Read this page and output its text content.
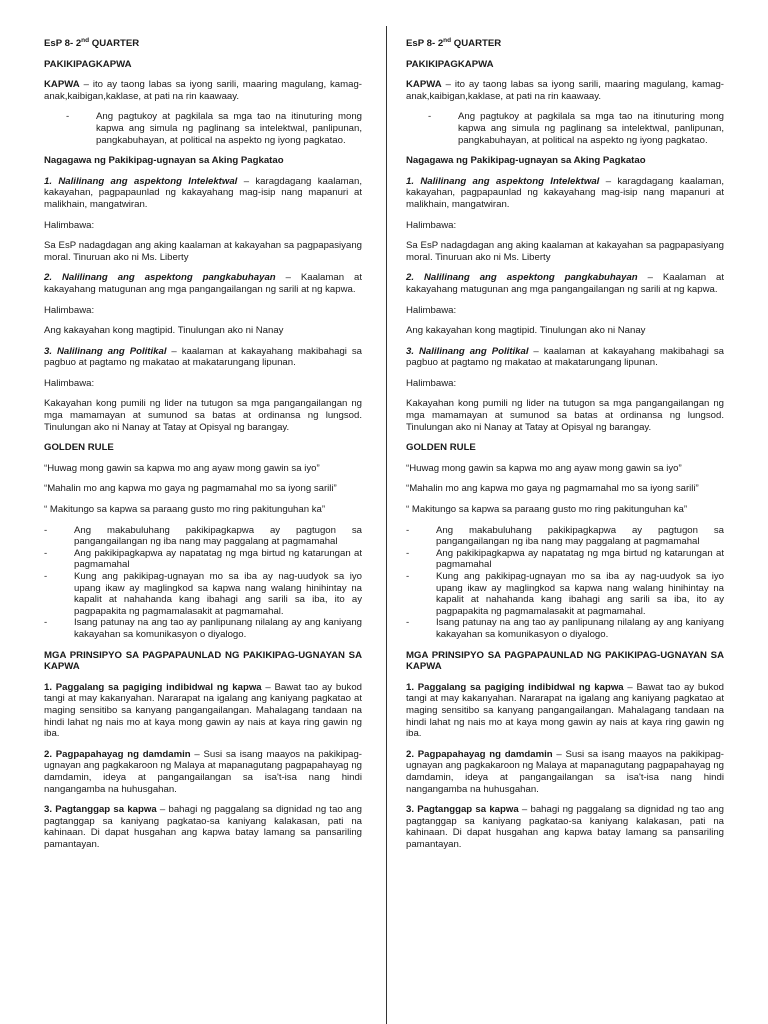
EsP 8- 2nd QUARTER
PAKIKIPAGKAPWA

KAPWA – ito ay taong labas sa iyong sarili, maaring magulang, kamag-anak,kaibigan,kaklase, at pati na rin kaawaay.

- Ang pagtukoy at pagkilala sa mga tao na itinuturing mong kapwa ang simula ng paglinang sa intelektwal, panlipunan, pangkabuhayan, at political na aspekto ng iyong pagkatao.
Nagagawa ng Pakikipag-ugnayan sa Aking Pagkatao

1. Nalilinang ang aspektong Intelektwal – karagdagang kaalaman, kakayahan, pagpapaunlad ng kakayahang mag-isip nang mapanuri at malikhain, mangatwiran.

Halimbawa:

Sa EsP nadagdagan ang aking kaalaman at kakayahan sa pagpapasiyang moral. Tinuruan ako ni Ms. Liberty

2. Nalilinang ang aspektong pangkabuhayan – Kaalaman at kakayahang matugunan ang mga pangangailangan ng sarili at ng kapwa.

Halimbawa:

Ang kakayahan kong magtipid. Tinulungan ako ni Nanay

3. Nalilinang ang Politikal – kaalaman at kakayahang makibahagi sa pagbuo at pagtamo ng makatao at makatarungang lipunan.

Halimbawa:

Kakayahan kong pumili ng lider na tutugon sa mga pangangailangan ng mga mamamayan at sumunod sa batas at ordinansa ng lungsod. Tinulungan ako ni Nanay at Tatay at Opisyal ng barangay.

GOLDEN RULE

“Huwag mong gawin sa kapwa mo ang ayaw mong gawin sa iyo”

“Mahalin mo ang kapwa mo gaya ng pagmamahal mo sa iyong sarili”

“ Makitungo sa kapwa sa paraang gusto mo ring pakitunguhan ka”

- Ang makabuluhang pakikipagkapwa ay pagtugon sa pangangailangan ng iba nang may paggalang at pagmamahal
- Ang pakikipagkapwa ay napatatag ng mga birtud ng katarungan at pagmamahal
- Kung ang pakikipag-ugnayan mo sa iba ay nag-uudyok sa iyo upang ikaw ay maglingkod sa kapwa nang walang hinihintay na kapalit at nahahanda kang ibahagi ang sarili sa iba, ito ay pagpapakita ng pagmamalasakit at pagmamahal.
- Isang patunay na ang tao ay panlipunang nilalang ay ang kaniyang kakayahan sa komunikasyon o diyalogo.

MGA PRINSIPYO SA PAGPAPAUNLAD NG PAKIKIPAG-UGNAYAN SA KAPWA

1. Paggalang sa pagiging indibidwal ng kapwa – Bawat tao ay bukod tangi at may kakanyahan. Nararapat na igalang ang kaniyang pagkatao at maging sensitibo sa kanyang pangangailangan. Mahalagang tandaan na hindi lahat ng nais mo at kaya mong gawin ay nais at kaya ring gawin ng iba.

2. Pagpapahayag ng damdamin – Susi sa isang maayos na pakikipag-ugnayan ang pagkakaroon ng Malaya at mapanagutang pagpapahayag ng damdamin, ideya at pangangailangan sa isa't-isa nang hindi nangangamba na huhusgahan.

3. Pagtanggap sa kapwa – bahagi ng paggalang sa dignidad ng tao ang pagtanggap sa kaniyang pagkatao-sa kaniyang kalakasan, pati na kahinaan. Di dapat husgahan ang kapwa batay lamang sa pansariling pamantayan.

EsP 8- 2nd QUARTER
PAKIKIPAGKAPWA

KAPWA – ito ay taong labas sa iyong sarili, maaring magulang, kamag-anak,kaibigan,kaklase, at pati na rin kaawaay.

- Ang pagtukoy at pagkilala sa mga tao na itinuturing mong kapwa ang simula ng paglinang sa intelektwal, panlipunan, pangkabuhayan, at political na aspekto ng iyong pagkatao.
Nagagawa ng Pakikipag-ugnayan sa Aking Pagkatao

1. Nalilinang ang aspektong Intelektwal – karagdagang kaalaman, kakayahan, pagpapaunlad ng kakayahang mag-isip nang mapanuri at malikhain, mangatwiran.

Halimbawa:

Sa EsP nadagdagan ang aking kaalaman at kakayahan sa pagpapasiyang moral. Tinuruan ako ni Ms. Liberty

2. Nalilinang ang aspektong pangkabuhayan – Kaalaman at kakayahang matugunan ang mga pangangailangan ng sarili at ng kapwa.

Halimbawa:

Ang kakayahan kong magtipid. Tinulungan ako ni Nanay

3. Nalilinang ang Politikal – kaalaman at kakayahang makibahagi sa pagbuo at pagtamo ng makatao at makatarungang lipunan.

Halimbawa:

Kakayahan kong pumili ng lider na tutugon sa mga pangangailangan ng mga mamamayan at sumunod sa batas at ordinansa ng lungsod. Tinulungan ako ni Nanay at Tatay at Opisyal ng barangay.

GOLDEN RULE

“Huwag mong gawin sa kapwa mo ang ayaw mong gawin sa iyo”

“Mahalin mo ang kapwa mo gaya ng pagmamahal mo sa iyong sarili”

“ Makitungo sa kapwa sa paraang gusto mo ring pakitunguhan ka”

- Ang makabuluhang pakikipagkapwa ay pagtugon sa pangangailangan ng iba nang may paggalang at pagmamahal
- Ang pakikipagkapwa ay napatatag ng mga birtud ng katarungan at pagmamahal
- Kung ang pakikipag-ugnayan mo sa iba ay nag-uudyok sa iyo upang ikaw ay maglingkod sa kapwa nang walang hinihintay na kapalit at nahahanda kang ibahagi ang sarili sa iba, ito ay pagpapakita ng pagmamalasakit at pagmamahal.
- Isang patunay na ang tao ay panlipunang nilalang ay ang kaniyang kakayahan sa komunikasyon o diyalogo.

MGA PRINSIPYO SA PAGPAPAUNLAD NG PAKIKIPAG-UGNAYAN SA KAPWA

1. Paggalang sa pagiging indibidwal ng kapwa – Bawat tao ay bukod tangi at may kakanyahan. Nararapat na igalang ang kaniyang pagkatao at maging sensitibo sa kanyang pangangailangan. Mahalagang tandaan na hindi lahat ng nais mo at kaya mong gawin ay nais at kaya ring gawin ng iba.

2. Pagpapahayag ng damdamin – Susi sa isang maayos na pakikipag-ugnayan ang pagkakaroon ng Malaya at mapanagutang pagpapahayag ng damdamin, ideya at pangangailangan sa isa't-isa nang hindi nangangamba na huhusgahan.

3. Pagtanggap sa kapwa – bahagi ng paggalang sa dignidad ng tao ang pagtanggap sa kaniyang pagkatao-sa kaniyang kalakasan, pati na kahinaan. Di dapat husgahan ang kapwa batay lamang sa pansariling pamantayan.
